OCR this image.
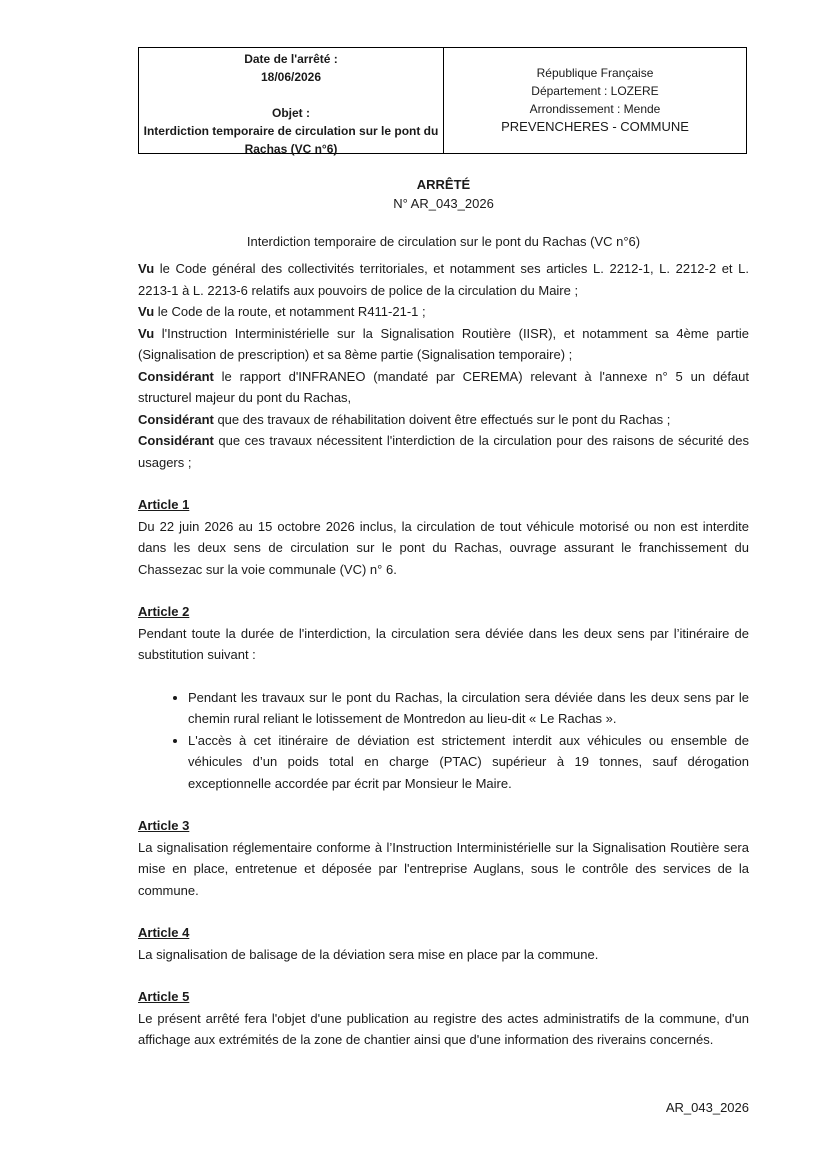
Date de l'arrêté :
18/06/2026
Objet :
Interdiction temporaire de circulation sur le pont du Rachas (VC n°6)
République Française
Département : LOZERE
Arrondissement : Mende
PREVENCHERES - COMMUNE
ARRÊTÉ
N° AR_043_2026
Interdiction temporaire de circulation sur le pont du Rachas (VC n°6)

Vu le Code général des collectivités territoriales, et notamment ses articles L. 2212-1, L. 2212-2 et L. 2213-1 à L. 2213-6 relatifs aux pouvoirs de police de la circulation du Maire ;

Vu le Code de la route, et notamment R411-21-1 ;

Vu l'Instruction Interministérielle sur la Signalisation Routière (IISR), et notamment sa 4ème partie (Signalisation de prescription) et sa 8ème partie (Signalisation temporaire) ;

Considérant le rapport d'INFRANEO (mandaté par CEREMA) relevant à l'annexe n° 5 un défaut structurel majeur du pont du Rachas,

Considérant que des travaux de réhabilitation doivent être effectués sur le pont du Rachas ;

Considérant que ces travaux nécessitent l'interdiction de la circulation pour des raisons de sécurité des usagers ;

Article 1

Du 22 juin 2026 au 15 octobre 2026 inclus, la circulation de tout véhicule motorisé ou non est interdite dans les deux sens de circulation sur le pont du Rachas, ouvrage assurant le franchissement du Chassezac sur la voie communale (VC) n° 6.

Article 2

Pendant toute la durée de l'interdiction, la circulation sera déviée dans les deux sens par l’itinéraire de substitution suivant :

• Pendant les travaux sur le pont du Rachas, la circulation sera déviée dans les deux sens par le chemin rural reliant le lotissement de Montredon au lieu-dit « Le Rachas ».
• L'accès à cet itinéraire de déviation est strictement interdit aux véhicules ou ensemble de véhicules d’un poids total en charge (PTAC) supérieur à 19 tonnes, sauf dérogation exceptionnelle accordée par écrit par Monsieur le Maire.

Article 3

La signalisation réglementaire conforme à l’Instruction Interministérielle sur la Signalisation Routière sera mise en place, entretenue et déposée par l'entreprise Auglans, sous le contrôle des services de la commune.

Article 4

La signalisation de balisage de la déviation sera mise en place par la commune.

Article 5

Le présent arrêté fera l'objet d'une publication au registre des actes administratifs de la commune, d'un affichage aux extrémités de la zone de chantier ainsi que d'une information des riverains concernés.

AR_043_2026
